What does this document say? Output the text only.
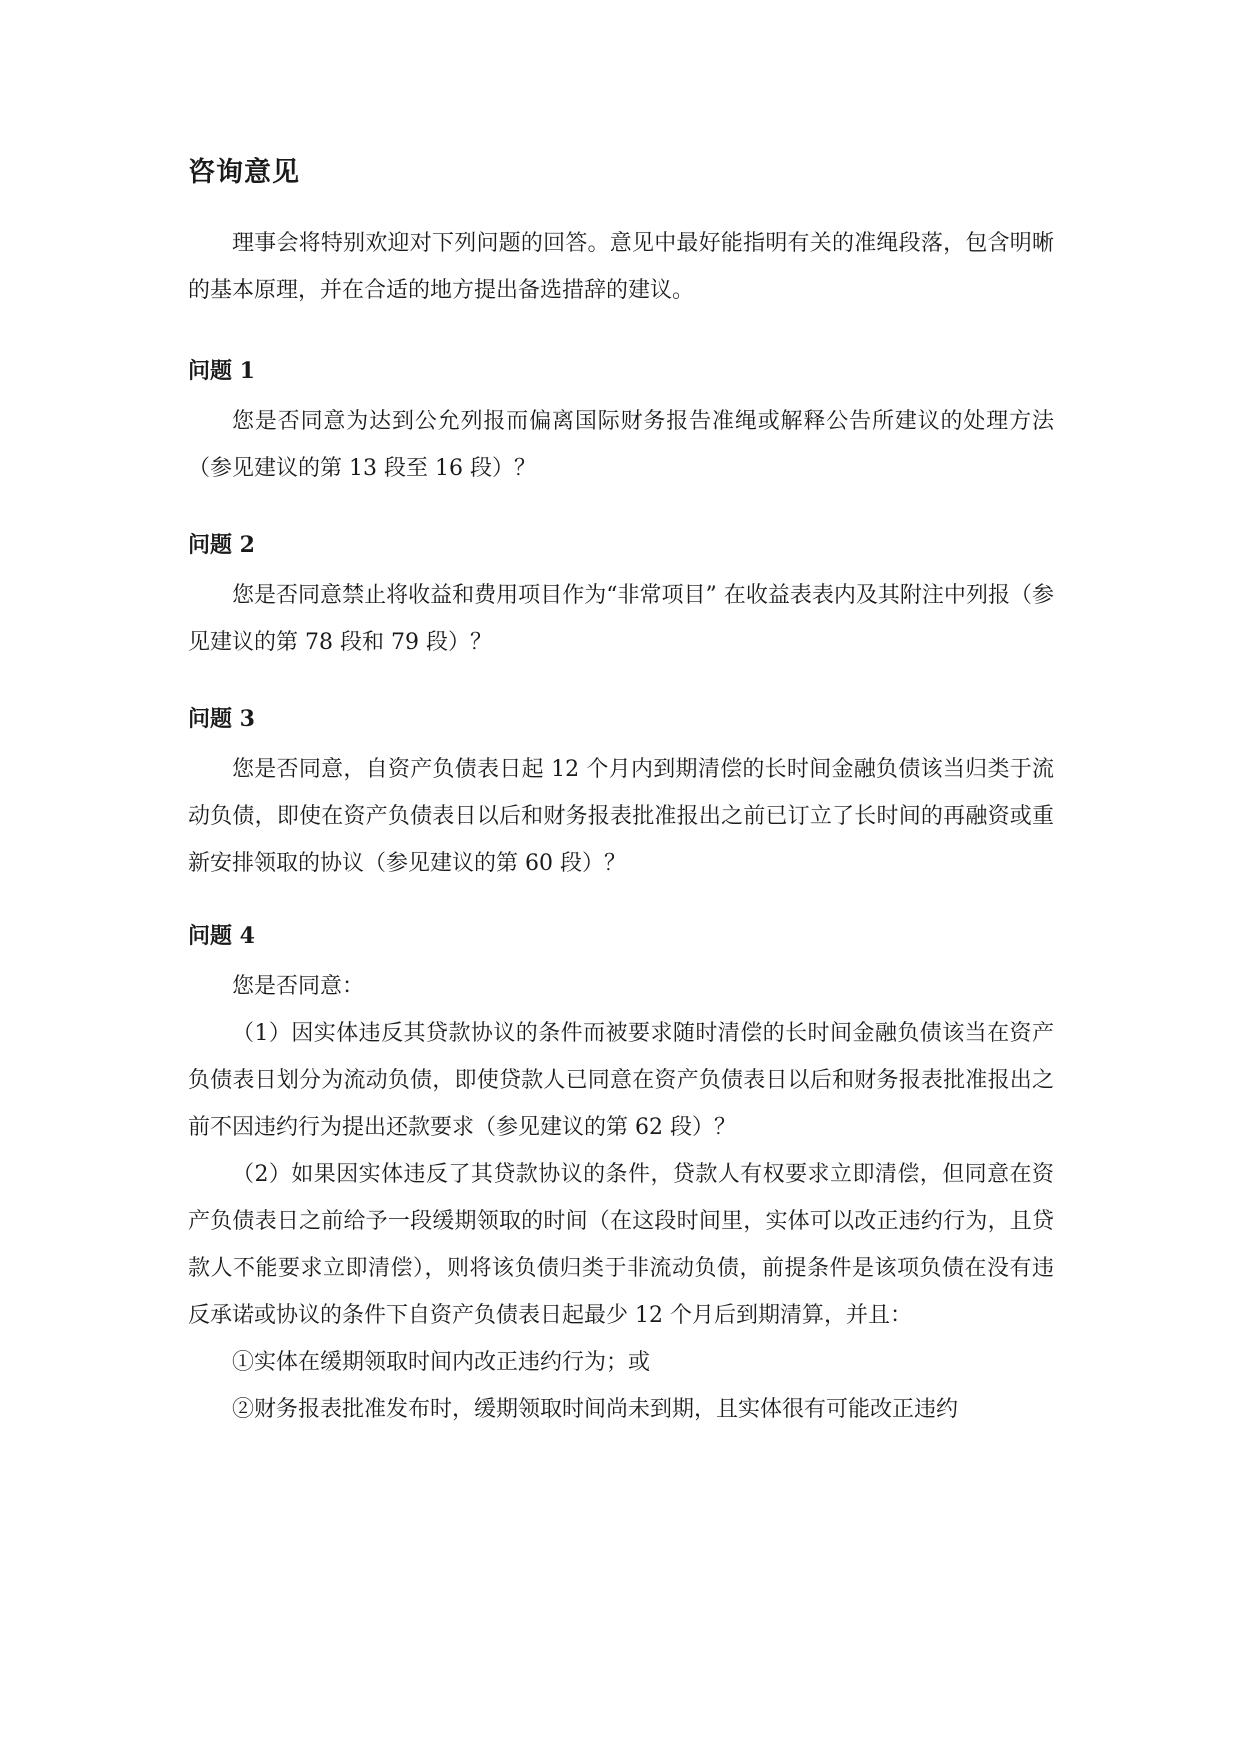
咨询意见

理事会将特别欢迎对下列问题的回答。意见中最好能指明有关的准绳段落，包含明晰的基本原理，并在合适的地方提出备选措辞的建议。

问题 1

您是否同意为达到公允列报而偏离国际财务报告准绳或解释公告所建议的处理方法（参见建议的第 13 段至 16 段）？

问题 2

您是否同意禁止将收益和费用项目作为“非常项目” 在收益表表内及其附注中列报（参见建议的第 78 段和 79 段）？

问题 3

您是否同意，自资产负债表日起 12 个月内到期清偿的长时间金融负债该当归类于流动负债，即使在资产负债表日以后和财务报表批准报出之前已订立了长时间的再融资或重新安排领取的协议（参见建议的第 60 段）？

问题 4

您是否同意：

（1）因实体违反其贷款协议的条件而被要求随时清偿的长时间金融负债该当在资产负债表日划分为流动负债，即使贷款人已同意在资产负债表日以后和财务报表批准报出之前不因违约行为提出还款要求（参见建议的第 62 段）？

（2）如果因实体违反了其贷款协议的条件，贷款人有权要求立即清偿，但同意在资产负债表日之前给予一段缓期领取的时间（在这段时间里，实体可以改正违约行为，且贷款人不能要求立即清偿），则将该负债归类于非流动负债，前提条件是该项负债在没有违反承诺或协议的条件下自资产负债表日起最少 12 个月后到期清算，并且：

①实体在缓期领取时间内改正违约行为；或

②财务报表批准发布时，缓期领取时间尚未到期，且实体很有可能改正违约
